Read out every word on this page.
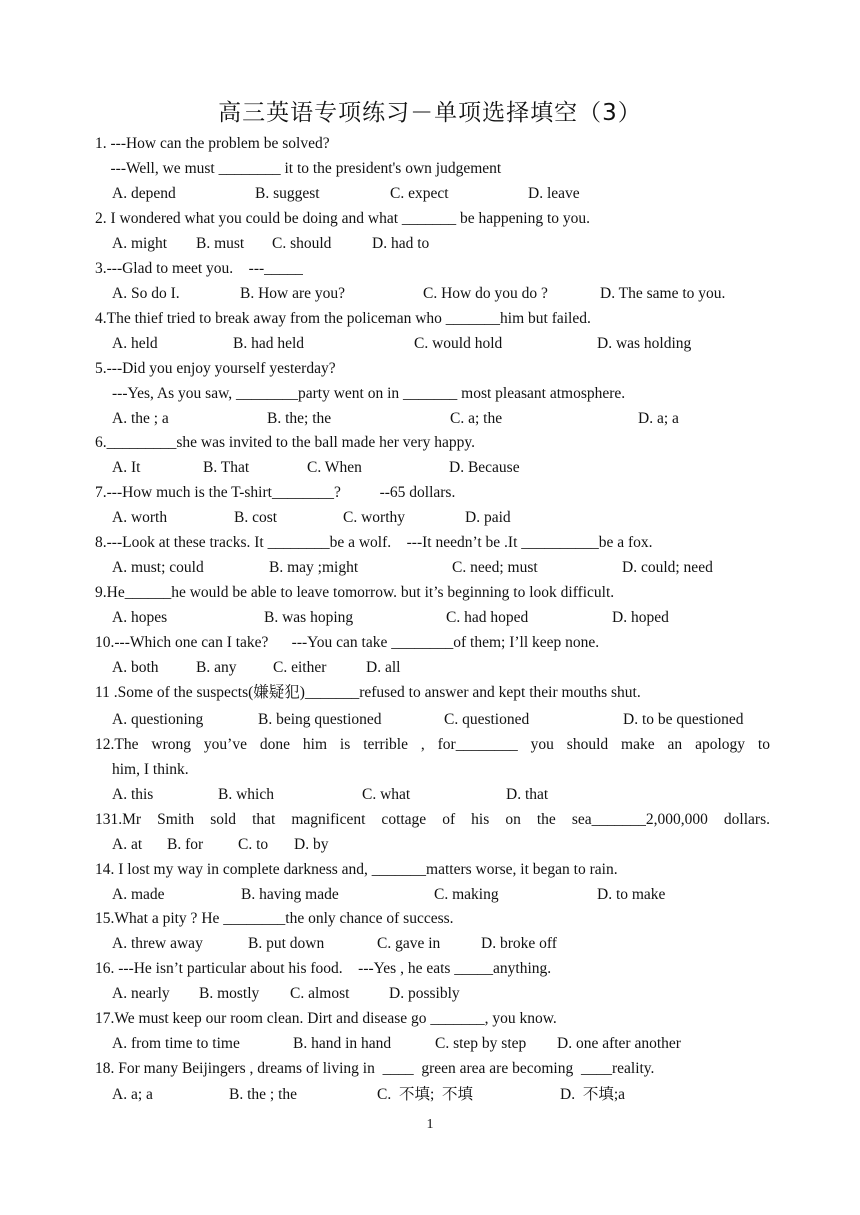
高三英语专项练习－单项选择填空（3）
1. ---How can the problem be solved?
---Well, we must ________ it to the president's own judgement

A. depend

	B. suggest

	C. expect

	D. leave

2. I wondered what you could be doing and what _______ be happening to you.

A. might

B. must

C. should

	D. had to

3.---Glad to meet you.    ---_____

A. So do I.

	B. How are you?

	C. How do you do ?

	D. The same to you.

4.The thief tried to break away from the policeman who _______him but failed.

A. held

	B. had held

	C. would hold

	D. was holding

5.---Did you enjoy yourself yesterday?
---Yes, As you saw, ________party went on in _______ most pleasant atmosphere.

A. the ; a

	B. the; the

	C. a; the

	D. a; a

6._________she was invited to the ball made her very happy.

A. It

	B. That

	C. When

	D. Because

7.---How much is the T-shirt________?          --65 dollars.

A. worth

	B. cost

	C. worthy

	D. paid

8.---Look at these tracks. It ________be a wolf.    ---It needn’t be .It __________be a fox.

A. must; could

	B. may ;might

	C. need; must

	D. could; need

9.He______he would be able to leave tomorrow. but it’s beginning to look difficult.

A. hopes

	B. was hoping

	C. had hoped

	D. hoped

10.---Which one can I take?      ---You can take ________of them; I’ll keep none.

A. both

B. any

C. either

	D. all

11 .Some of the suspects(嫌疑犯)_______refused to answer and kept their mouths shut.

A. questioning

	B. being questioned

	C. questioned

	D. to be questioned

12.The wrong you’ve done him is terrible , for________ you should make an apology to
him, I think.

A. this

	B. which

	C. what

	D. that

131.Mr Smith sold that magnificent cottage of his on the sea_______2,000,000 dollars.

A. at

B. for

C. to

D. by

14. I lost my way in complete darkness and, _______matters worse, it began to rain.

A. made

	B. having made

	C. making

	D. to make

15.What a pity ? He ________the only chance of success.

A. threw away

	B. put down

	C. gave in

	D. broke off

16. ---He isn’t particular about his food.    ---Yes , he eats _____anything.

A. nearly

B. mostly

C. almost

	D. possibly

17.We must keep our room clean. Dirt and disease go _______, you know.

A. from time to time

	B. hand in hand

	C. step by step

D. one after another

18. For many Beijingers , dreams of living in  ____  green area are becoming  ____reality.

A. a; a

	B. the ; the

	C.  不填;  不填

	D.  不填;a

1
